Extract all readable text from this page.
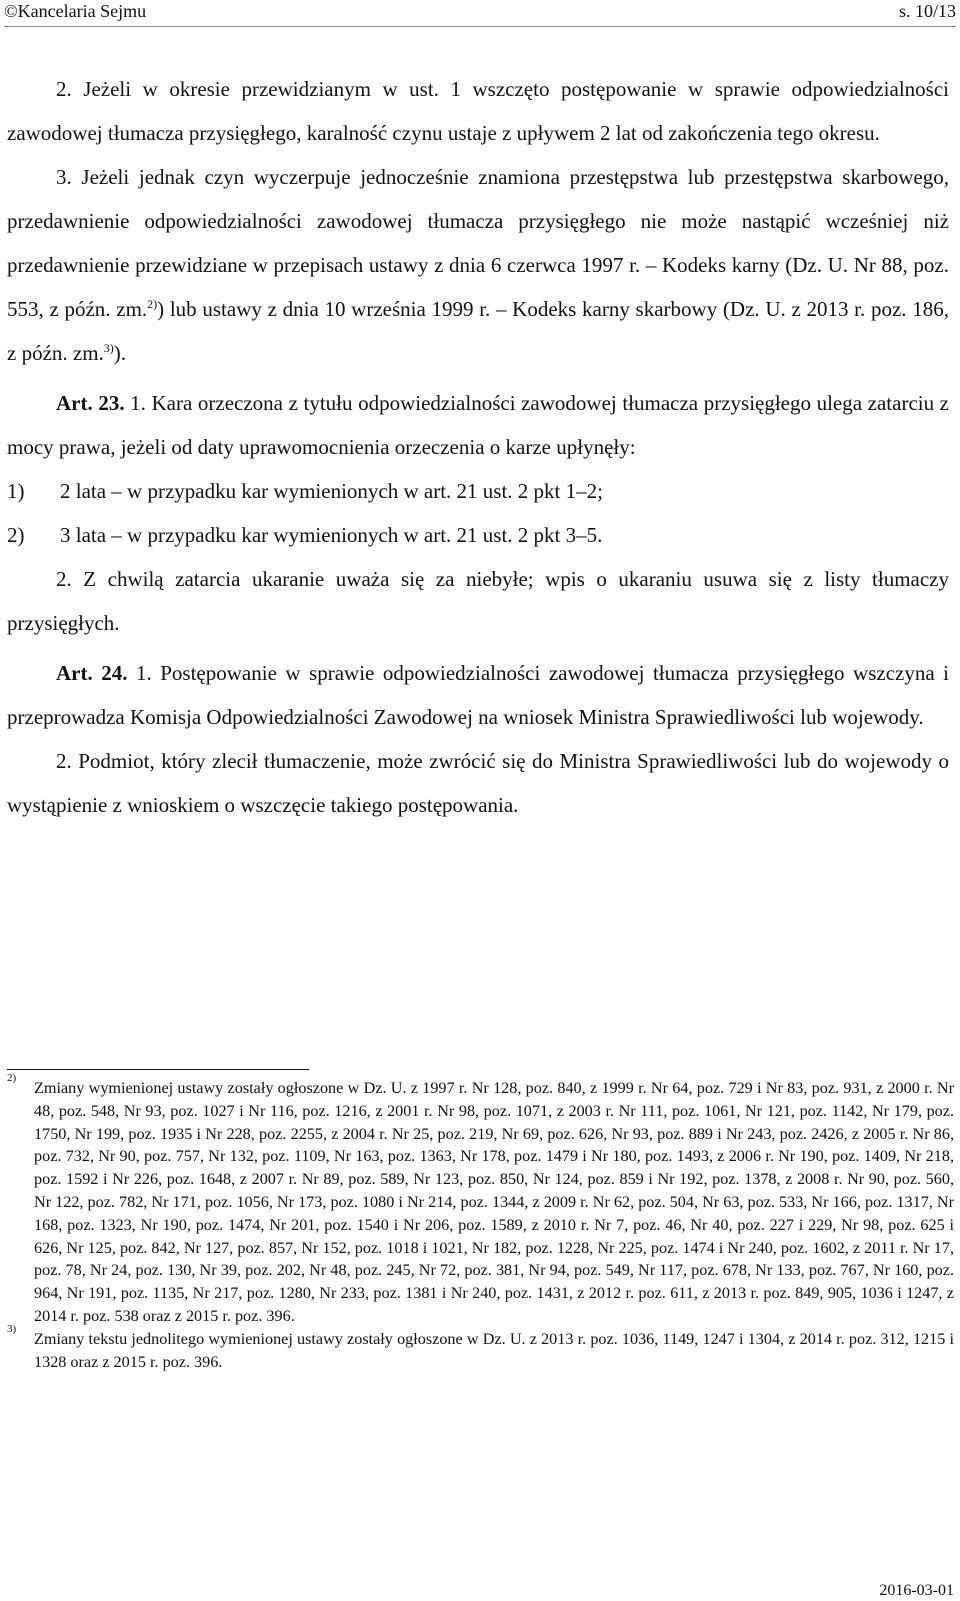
©Kancelaria Sejmu	s. 10/13

2. Jeżeli w okresie przewidzianym w ust. 1 wszczęto postępowanie w sprawie odpowiedzialności zawodowej tłumacza przysięgłego, karalność czynu ustaje z upływem 2 lat od zakończenia tego okresu.

3. Jeżeli jednak czyn wyczerpuje jednocześnie znamiona przestępstwa lub przestępstwa skarbowego, przedawnienie odpowiedzialności zawodowej tłumacza przysięgłego nie może nastąpić wcześniej niż przedawnienie przewidziane w przepisach ustawy z dnia 6 czerwca 1997 r. – Kodeks karny (Dz. U. Nr 88, poz. 553, z późn. zm.$^{2)}$) lub ustawy z dnia 10 września 1999 r. – Kodeks karny skarbowy (Dz. U. z 2013 r. poz. 186, z późn. zm.$^{3)}$).

Art. 23. 1. Kara orzeczona z tytułu odpowiedzialności zawodowej tłumacza przysięgłego ulega zatarciu z mocy prawa, jeżeli od daty uprawomocnienia orzeczenia o karze upłynęły:

1) 2 lata – w przypadku kar wymienionych w art. 21 ust. 2 pkt 1–2;
2) 3 lata – w przypadku kar wymienionych w art. 21 ust. 2 pkt 3–5.

2. Z chwilą zatarcia ukaranie uważa się za niebyłe; wpis o ukaraniu usuwa się z listy tłumaczy przysięgłych.

Art. 24. 1. Postępowanie w sprawie odpowiedzialności zawodowej tłumacza przysięgłego wszczyna i przeprowadza Komisja Odpowiedzialności Zawodowej na wniosek Ministra Sprawiedliwości lub wojewody.

2. Podmiot, który zlecił tłumaczenie, może zwrócić się do Ministra Sprawiedliwości lub do wojewody o wystąpienie z wnioskiem o wszczęcie takiego postępowania.

2)
Zmiany wymienionej ustawy zostały ogłoszone w Dz. U. z 1997 r. Nr 128, poz. 840, z 1999 r. Nr 64, poz. 729 i Nr 83, poz. 931, z 2000 r. Nr 48, poz. 548, Nr 93, poz. 1027 i Nr 116, poz. 1216, z 2001 r. Nr 98, poz. 1071, z 2003 r. Nr 111, poz. 1061, Nr 121, poz. 1142, Nr 179, poz. 1750, Nr 199, poz. 1935 i Nr 228, poz. 2255, z 2004 r. Nr 25, poz. 219, Nr 69, poz. 626, Nr 93, poz. 889 i Nr 243, poz. 2426, z 2005 r. Nr 86, poz. 732, Nr 90, poz. 757, Nr 132, poz. 1109, Nr 163, poz. 1363, Nr 178, poz. 1479 i Nr 180, poz. 1493, z 2006 r. Nr 190, poz. 1409, Nr 218, poz. 1592 i Nr 226, poz. 1648, z 2007 r. Nr 89, poz. 589, Nr 123, poz. 850, Nr 124, poz. 859 i Nr 192, poz. 1378, z 2008 r. Nr 90, poz. 560, Nr 122, poz. 782, Nr 171, poz. 1056, Nr 173, poz. 1080 i Nr 214, poz. 1344, z 2009 r. Nr 62, poz. 504, Nr 63, poz. 533, Nr 166, poz. 1317, Nr 168, poz. 1323, Nr 190, poz. 1474, Nr 201, poz. 1540 i Nr 206, poz. 1589, z 2010 r. Nr 7, poz. 46, Nr 40, poz. 227 i 229, Nr 98, poz. 625 i 626, Nr 125, poz. 842, Nr 127, poz. 857, Nr 152, poz. 1018 i 1021, Nr 182, poz. 1228, Nr 225, poz. 1474 i Nr 240, poz. 1602, z 2011 r. Nr 17, poz. 78, Nr 24, poz. 130, Nr 39, poz. 202, Nr 48, poz. 245, Nr 72, poz. 381, Nr 94, poz. 549, Nr 117, poz. 678, Nr 133, poz. 767, Nr 160, poz. 964, Nr 191, poz. 1135, Nr 217, poz. 1280, Nr 233, poz. 1381 i Nr 240, poz. 1431, z 2012 r. poz. 611, z 2013 r. poz. 849, 905, 1036 i 1247, z 2014 r. poz. 538 oraz z 2015 r. poz. 396.
3)
Zmiany tekstu jednolitego wymienionej ustawy zostały ogłoszone w Dz. U. z 2013 r. poz. 1036, 1149, 1247 i 1304, z 2014 r. poz. 312, 1215 i 1328 oraz z 2015 r. poz. 396.
2016-03-01
